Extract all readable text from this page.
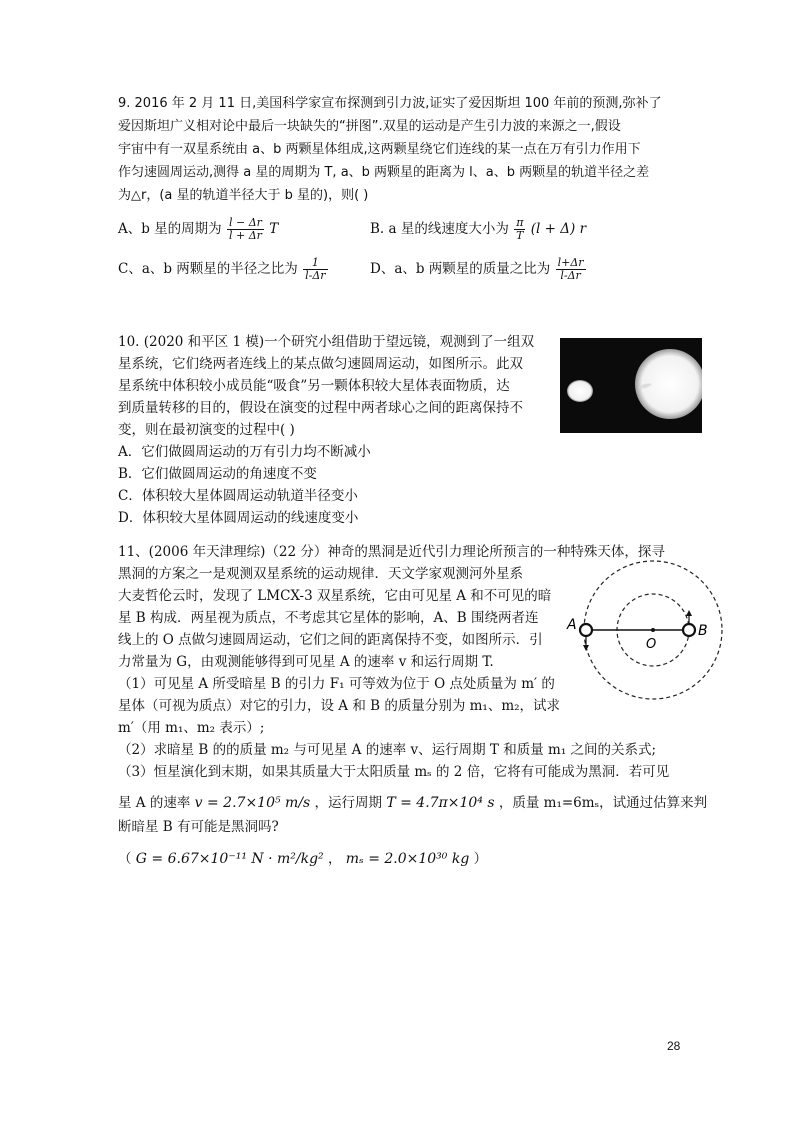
9. 2016 年 2 月 11 日,美国科学家宣布探测到引力波,证实了爱因斯坦 100 年前的预测,弥补了
爱因斯坦广义相对论中最后一块缺失的“拼图”.双星的运动是产生引力波的来源之一,假设
宇宙中有一双星系统由 a、b 两颗星体组成,这两颗星绕它们连线的某一点在万有引力作用下
作匀速圆周运动,测得 a 星的周期为 T, a、b 两颗星的距离为 l、a、b 两颗星的轨道半径之差
为△r，(a 星的轨道半径大于 b 星的)，则( )
A、b 星的周期为 $\frac{l - \Delta r}{l + \Delta r}$ T	B. a 星的线速度大小为 $\frac{\pi}{T} (l + \Delta)$ r
C、a、b 两颗星的半径之比为 $\frac{1}{l-\Delta r}$	D、a、b 两颗星的质量之比为 $\frac{l+\Delta r}{l-\Delta r}$
10. (2020 和平区 1 模)一个研究小组借助于望远镜，观测到了一组双
星系统，它们绕两者连线上的某点做匀速圆周运动，如图所示。此双
星系统中体积较小成员能“吸食”另一颗体积较大星体表面物质，达
到质量转移的目的，假设在演变的过程中两者球心之间的距离保持不
变，则在最初演变的过程中( )
A．它们做圆周运动的万有引力均不断减小
B．它们做圆周运动的角速度不变
C．体积较大星体圆周运动轨道半径变小
D．体积较大星体圆周运动的线速度变小
11、(2006 年天津理综)（22 分）神奇的黑洞是近代引力理论所预言的一种特殊天体，探寻
黑洞的方案之一是观测双星系统的运动规律．天文学家观测河外星系
大麦哲伦云时，发现了 LMCX-3 双星系统，它由可见星 A 和不可见的暗
星 B 构成．两星视为质点，不考虑其它星体的影响，A、B 围绕两者连
线上的 O 点做匀速圆周运动，它们之间的距离保持不变，如图所示．引
力常量为 G，由观测能够得到可见星 A 的速率 v 和运行周期 T.
（1）可见星 A 所受暗星 B 的引力 F₁ 可等效为位于 O 点处质量为 m′ 的
星体（可视为质点）对它的引力，设 A 和 B 的质量分别为 m₁、m₂，试求
m′（用 m₁、m₂ 表示）;
（2）求暗星 B 的的质量 m₂ 与可见星 A 的速率 v、运行周期 T 和质量 m₁ 之间的关系式;
（3）恒星演化到末期，如果其质量大于太阳质量 mₛ 的 2 倍，它将有可能成为黑洞．若可见
星 A 的速率 v = 2.7×10⁵ m/s ，运行周期 T = 4.7π×10⁴ s ，质量 m₁=6mₛ，试通过估算来判
断暗星 B 有可能是黑洞吗?
（ G = 6.67×10⁻¹¹ N · m²/kg² ， mₛ = 2.0×10³⁰ kg ）
A	B
O
28
